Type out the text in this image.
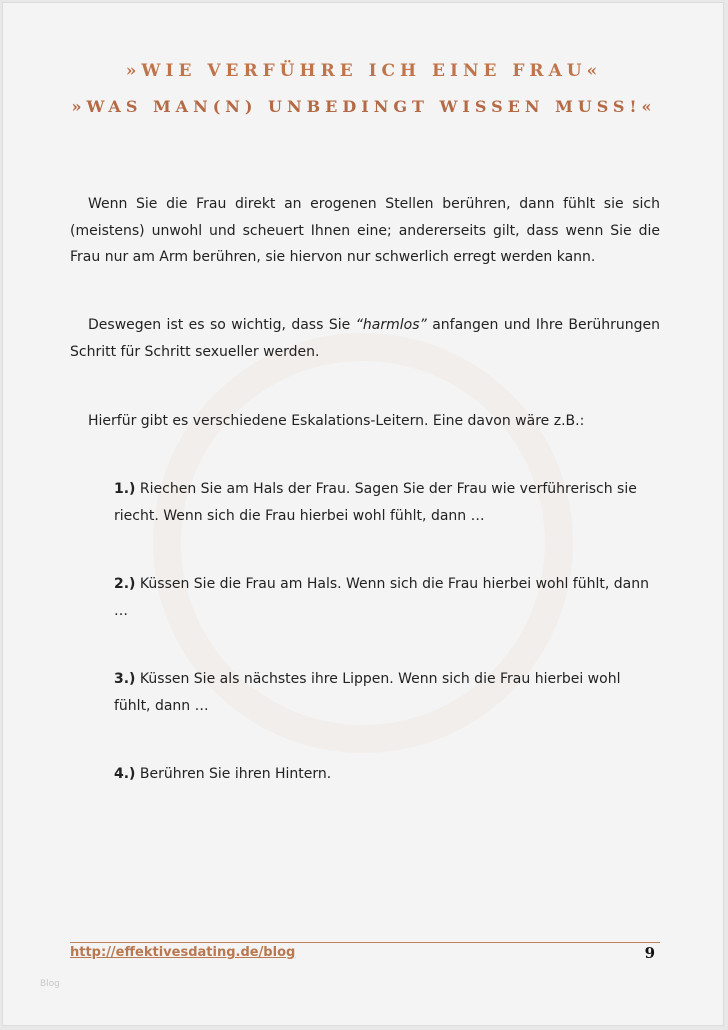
»WIE VERFÜHRE ICH EINE FRAU«
»WAS MAN(N) UNBEDINGT WISSEN MUSS!«

Wenn Sie die Frau direkt an erogenen Stellen berühren, dann fühlt sie sich (meistens) unwohl und scheuert Ihnen eine; andererseits gilt, dass wenn Sie die Frau nur am Arm berühren, sie hiervon nur schwerlich erregt werden kann.

Deswegen ist es so wichtig, dass Sie “harmlos” anfangen und Ihre Berührungen Schritt für Schritt sexueller werden.

Hierfür gibt es verschiedene Eskalations-Leitern. Eine davon wäre z.B.:

1.) Riechen Sie am Hals der Frau. Sagen Sie der Frau wie verführerisch sie riecht. Wenn sich die Frau hierbei wohl fühlt, dann …

2.) Küssen Sie die Frau am Hals. Wenn sich die Frau hierbei wohl fühlt, dann …

3.) Küssen Sie als nächstes ihre Lippen. Wenn sich die Frau hierbei wohl fühlt, dann …

4.) Berühren Sie ihren Hintern.

http://effektivesdating.de/blog	9
Blog
